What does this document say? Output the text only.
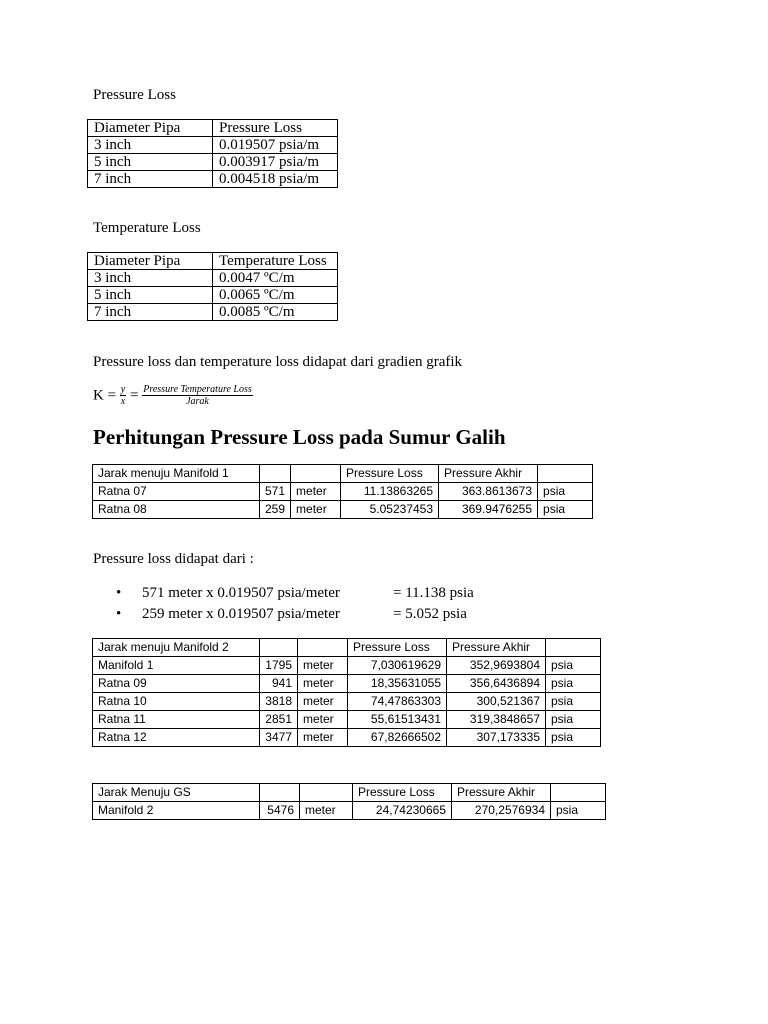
Pressure Loss
Diameter Pipa	Pressure Loss
3 inch	0.019507 psia/m
5 inch	0.003917 psia/m
7 inch	0.004518 psia/m
Temperature Loss
Diameter Pipa	Temperature Loss
3 inch	0.0047 ºC/m
5 inch	0.0065 ºC/m
7 inch	0.0085 ºC/m
Pressure loss dan temperature loss didapat dari gradien grafik
$K = \frac{y}{x} = \frac{\text{Pressure Temperature Loss}}{\text{Jarak}}$
Perhitungan Pressure Loss pada Sumur Galih
Jarak menuju Manifold 1			Pressure Loss	Pressure Akhir	
Ratna 07	571	meter	11.13863265	363.8613673	psia
Ratna 08	259	meter	5.05237453	369.9476255	psia
Pressure loss didapat dari :
• 571 meter x 0.019507 psia/meter	= 11.138 psia
• 259 meter x 0.019507 psia/meter	= 5.052 psia
Jarak menuju Manifold 2			Pressure Loss	Pressure Akhir	
Manifold 1	1795	meter	7,030619629	352,9693804	psia
Ratna 09	941	meter	18,35631055	356,6436894	psia
Ratna 10	3818	meter	74,47863303	300,521367	psia
Ratna 11	2851	meter	55,61513431	319,3848657	psia
Ratna 12	3477	meter	67,82666502	307,173335	psia
Jarak Menuju GS			Pressure Loss	Pressure Akhir	
Manifold 2	5476	meter	24,74230665	270,2576934	psia
